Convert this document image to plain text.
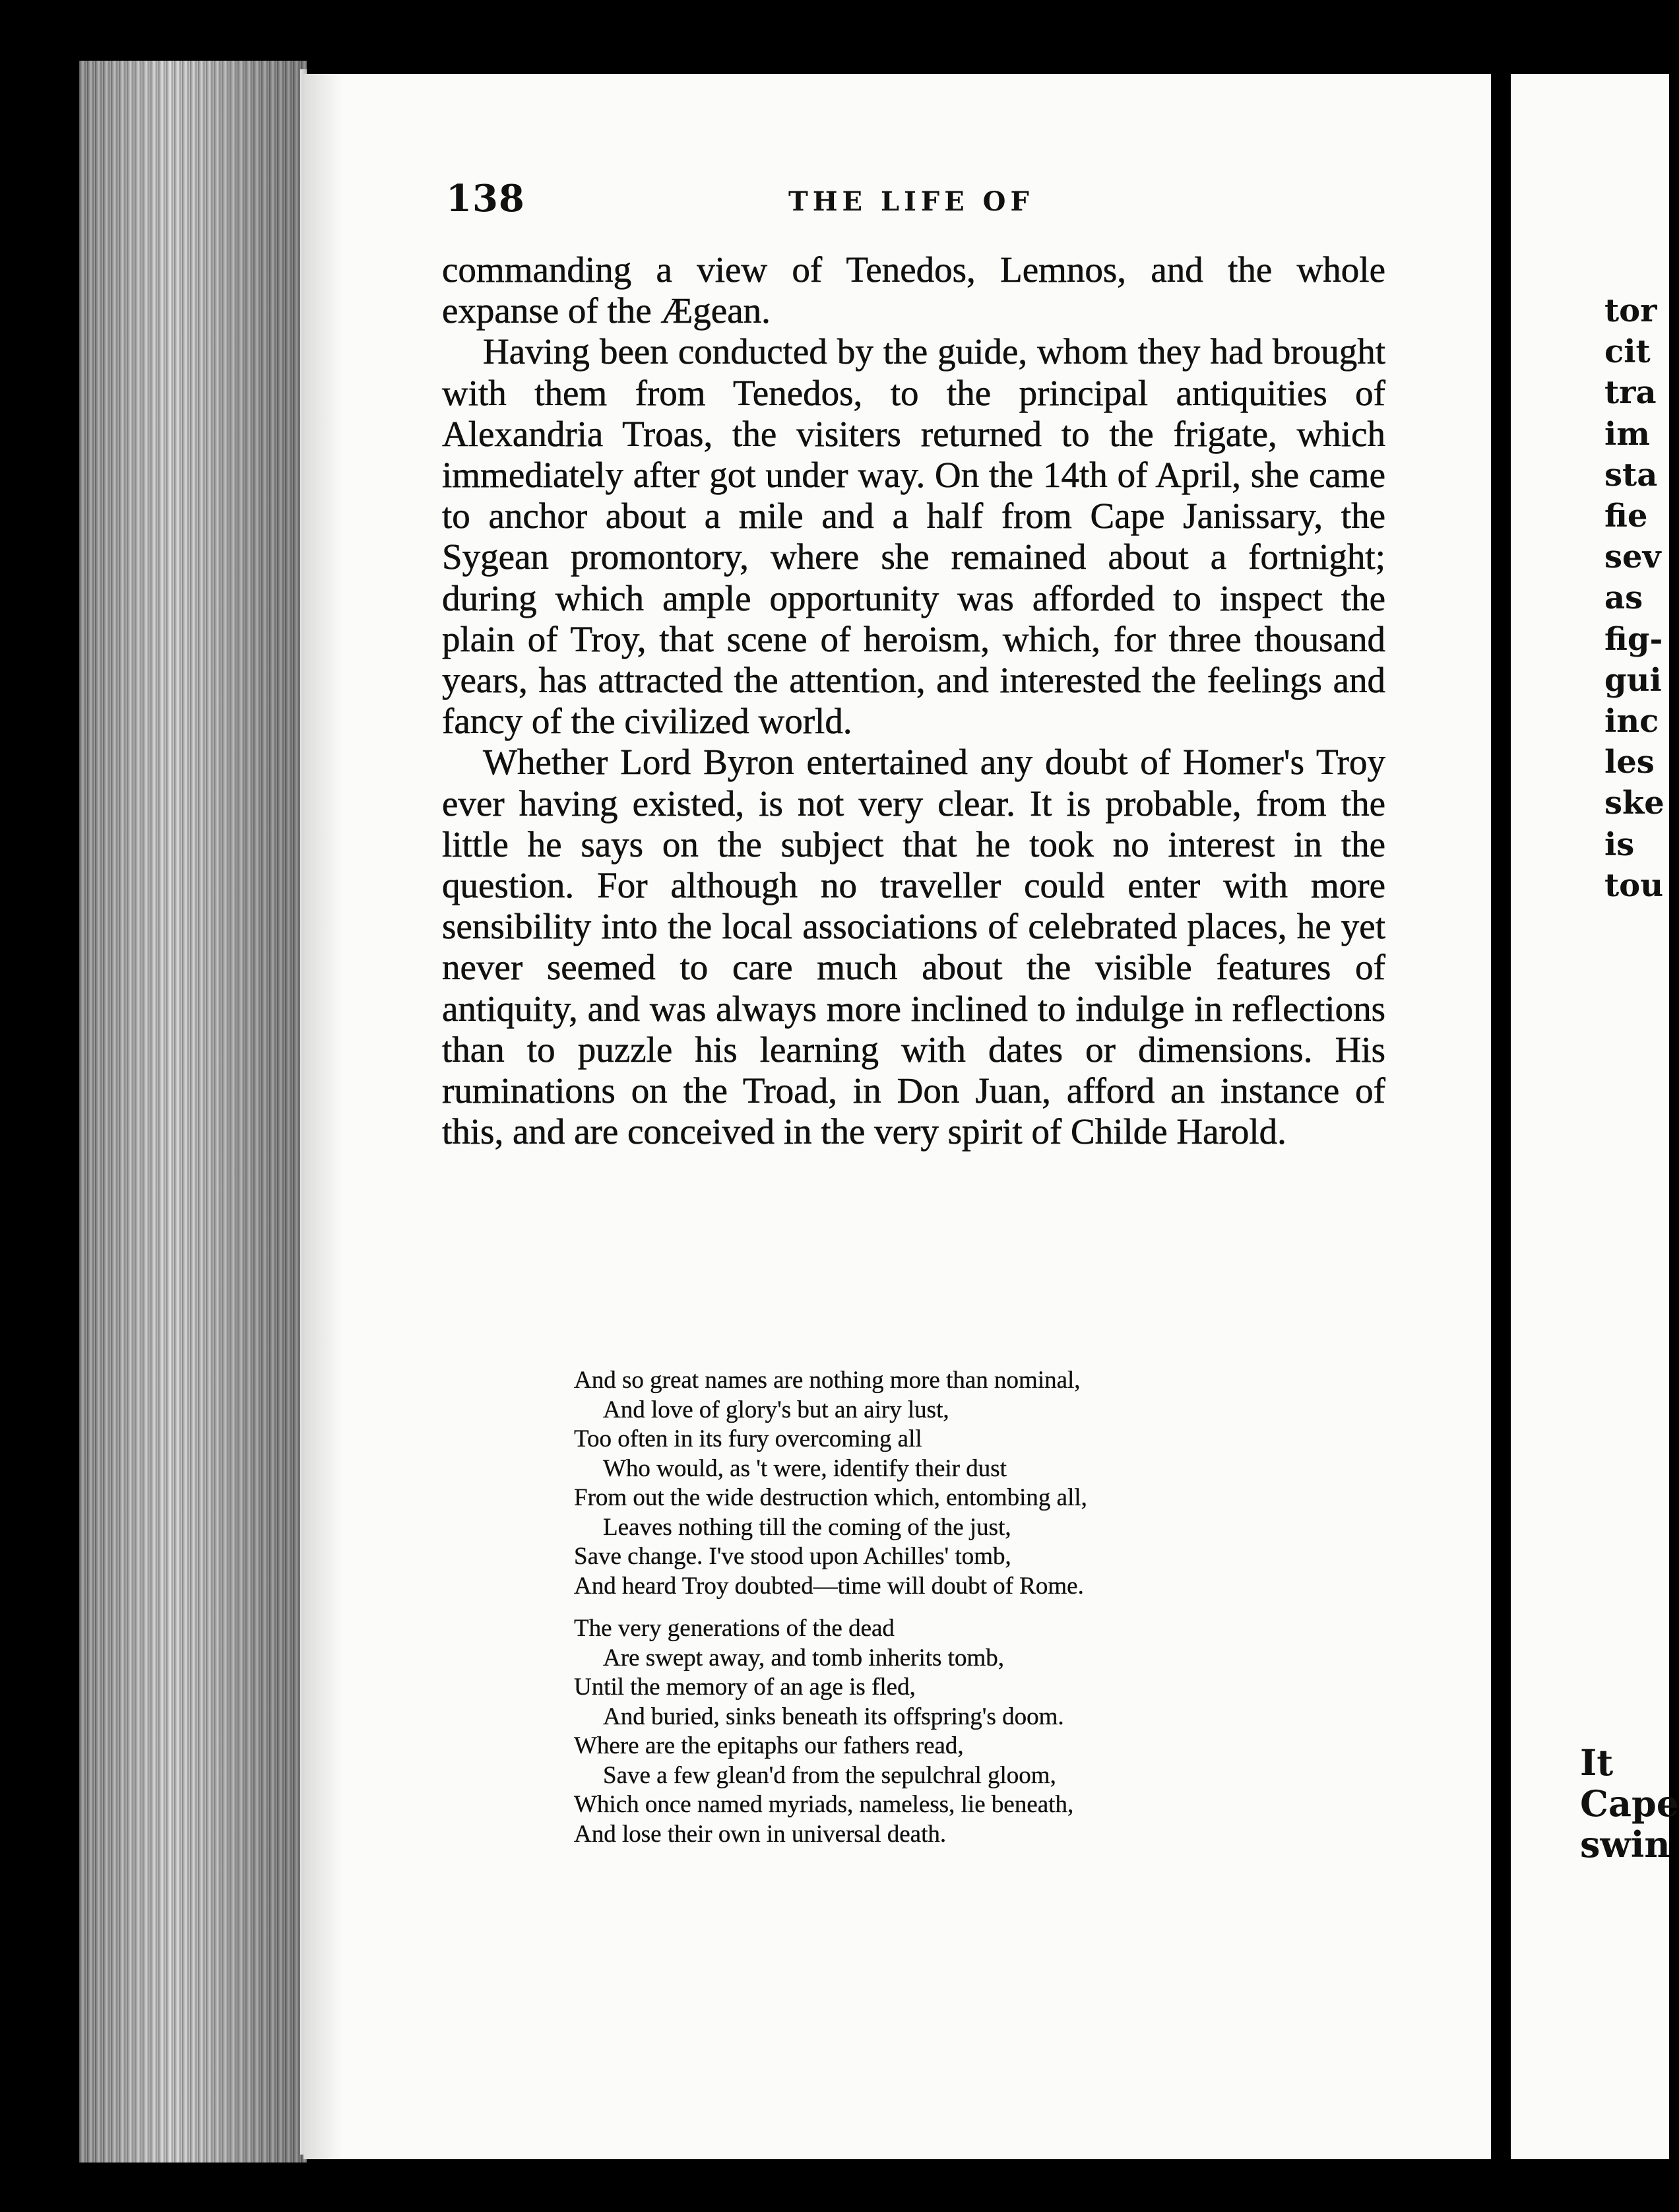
138	THE LIFE OF

commanding a view of Tenedos, Lemnos, and the whole expanse of the Ægean.

Having been conducted by the guide, whom they had brought with them from Tenedos, to the principal antiquities of Alexandria Troas, the visiters returned to the frigate, which immediately after got under way. On the 14th of April, she came to anchor about a mile and a half from Cape Janissary, the Sygean promontory, where she remained about a fortnight; during which ample opportunity was afforded to inspect the plain of Troy, that scene of heroism, which, for three thousand years, has attracted the attention, and interested the feelings and fancy of the civilized world.

Whether Lord Byron entertained any doubt of Homer's Troy ever having existed, is not very clear. It is probable, from the little he says on the subject that he took no interest in the question. For although no traveller could enter with more sensibility into the local associations of celebrated places, he yet never seemed to care much about the visible features of antiquity, and was always more inclined to indulge in reflections than to puzzle his learning with dates or dimensions. His ruminations on the Troad, in Don Juan, afford an instance of this, and are conceived in the very spirit of Childe Harold.

And so great names are nothing more than nominal,
And love of glory's but an airy lust,
Too often in its fury overcoming all
Who would, as 't were, identify their dust
From out the wide destruction which, entombing all,
Leaves nothing till the coming of the just,
Save change. I've stood upon Achilles' tomb,
And heard Troy doubted—time will doubt of Rome.
The very generations of the dead
Are swept away, and tomb inherits tomb,
Until the memory of an age is fled,
And buried, sinks beneath its offspring's doom.
Where are the epitaphs our fathers read,
Save a few glean'd from the sepulchral gloom,
Which once named myriads, nameless, lie beneath,
And lose their own in universal death.
tor
cit
tra
im
sta
fie
sev
as
fig-
gui
inc
les
ske
is
tou
It
Cape
swin
